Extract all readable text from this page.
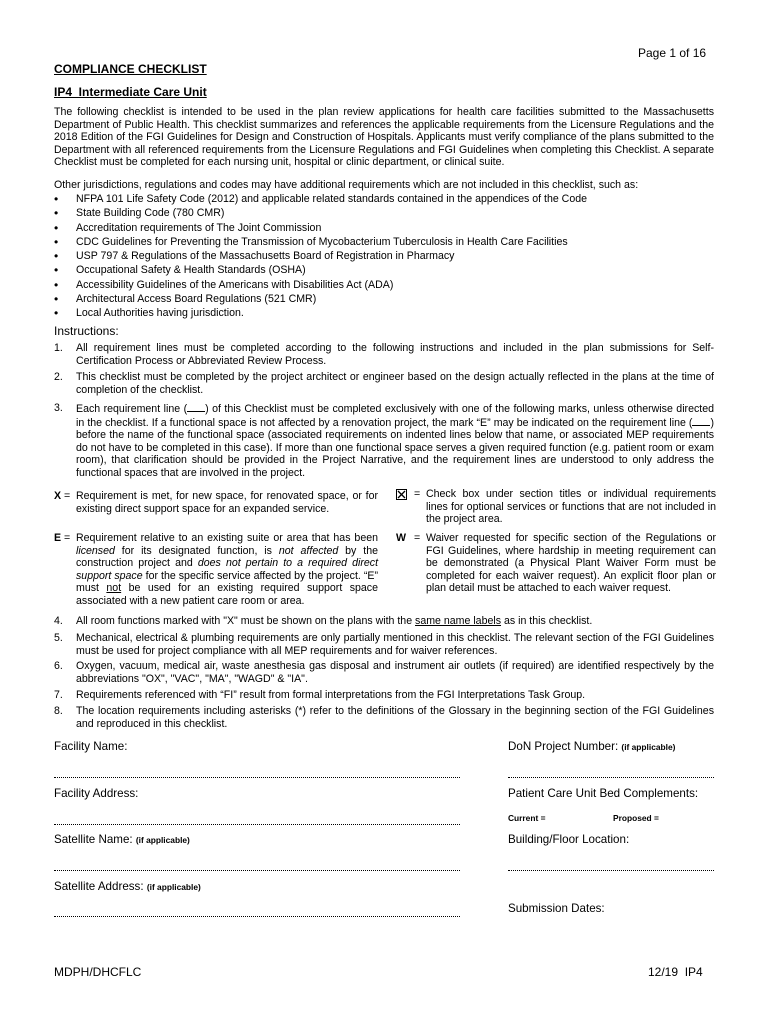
Page 1 of 16
COMPLIANCE CHECKLIST
IP4_Intermediate Care Unit
The following checklist is intended to be used in the plan review applications for health care facilities submitted to the Massachusetts Department of Public Health. This checklist summarizes and references the applicable requirements from the Licensure Regulations and the 2018 Edition of the FGI Guidelines for Design and Construction of Hospitals. Applicants must verify compliance of the plans submitted to the Department with all referenced requirements from the Licensure Regulations and FGI Guidelines when completing this Checklist. A separate Checklist must be completed for each nursing unit, hospital or clinic department, or clinical suite.
Other jurisdictions, regulations and codes may have additional requirements which are not included in this checklist, such as:
• NFPA 101 Life Safety Code (2012) and applicable related standards contained in the appendices of the Code
• State Building Code (780 CMR)
• Accreditation requirements of The Joint Commission
• CDC Guidelines for Preventing the Transmission of Mycobacterium Tuberculosis in Health Care Facilities
• USP 797 & Regulations of the Massachusetts Board of Registration in Pharmacy
• Occupational Safety & Health Standards (OSHA)
• Accessibility Guidelines of the Americans with Disabilities Act (ADA)
• Architectural Access Board Regulations (521 CMR)
• Local Authorities having jurisdiction.
Instructions:
1.	All requirement lines must be completed according to the following instructions and included in the plan submissions for Self-Certification Process or Abbreviated Review Process.
2.	This checklist must be completed by the project architect or engineer based on the design actually reflected in the plans at the time of completion of the checklist.
3.	Each requirement line ( ) of this Checklist must be completed exclusively with one of the following marks, unless otherwise directed in the checklist. If a functional space is not affected by a renovation project, the mark “E” may be indicated on the requirement line ( ) before the name of the functional space (associated requirements on indented lines below that name, or associated MEP requirements do not have to be completed in this case). If more than one functional space serves a given required function (e.g. patient room or exam room), that clarification should be provided in the Project Narrative, and the requirement lines are understood to only address the functional spaces that are involved in the project.
X = Requirement is met, for new space, for renovated space, or for existing direct support space for an expanded service.
= Check box under section titles or individual requirements lines for optional services or functions that are not included in the project area.
E = Requirement relative to an existing suite or area that has been licensed for its designated function, is not affected by the construction project and does not pertain to a required direct support space for the specific service affected by the project. “E” must not be used for an existing required support space associated with a new patient care room or area.
W = Waiver requested for specific section of the Regulations or FGI Guidelines, where hardship in meeting requirement can be demonstrated (a Physical Plant Waiver Form must be completed for each waiver request). An explicit floor plan or plan detail must be attached to each waiver request.
4.	All room functions marked with "X" must be shown on the plans with the same name labels as in this checklist.
5.	Mechanical, electrical & plumbing requirements are only partially mentioned in this checklist. The relevant section of the FGI Guidelines must be used for project compliance with all MEP requirements and for waiver references.
6.	Oxygen, vacuum, medical air, waste anesthesia gas disposal and instrument air outlets (if required) are identified respectively by the abbreviations "OX", "VAC", "MA", "WAGD" & "IA".
7.	Requirements referenced with “FI” result from formal interpretations from the FGI Interpretations Task Group.
8.	The location requirements including asterisks (*) refer to the definitions of the Glossary in the beginning section of the FGI Guidelines and reproduced in this checklist.
Facility Name:
Facility Address:
Satellite Name: (if applicable)
Satellite Address: (if applicable)
DoN Project Number: (if applicable)
Patient Care Unit Bed Complements:
Current =	Proposed =
Building/Floor Location:
Submission Dates:
MDPH/DHCFLC	12/19  IP4
